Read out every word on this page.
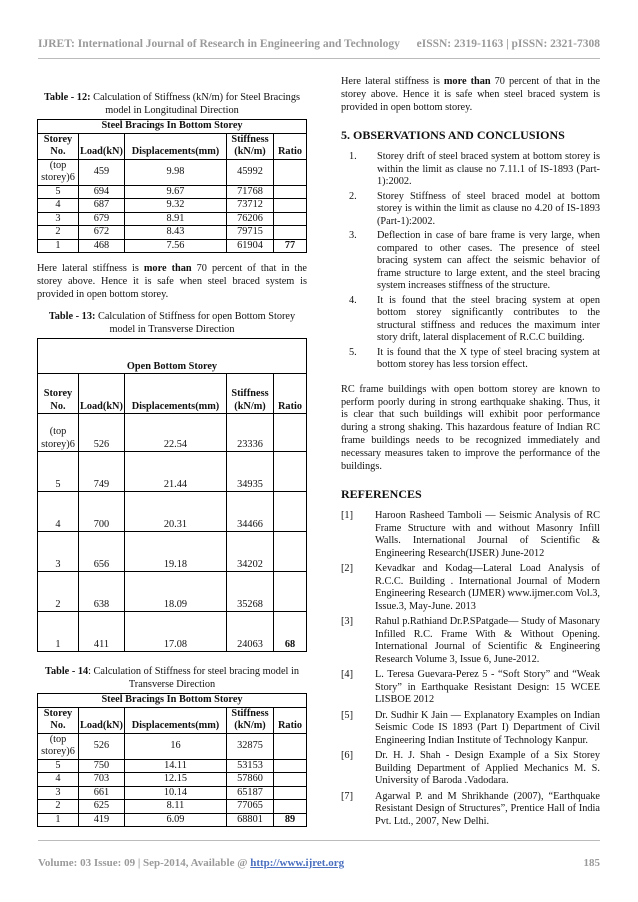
IJRET: International Journal of Research in Engineering and Technology eISSN: 2319-1163 | pISSN: 2321-7308
Table - 12: Calculation of Stiffness (kN/m) for Steel Bracings model in Longitudinal Direction
Steel Bracings In Bottom Storey				
Storey No.	Load(kN)	Displacements(mm)	Stiffness (kN/m)	Ratio
(top storey)6	459	9.98	45992	
5	694	9.67	71768	
4	687	9.32	73712	
3	679	8.91	76206	
2	672	8.43	79715	
1	468	7.56	61904	77

Here lateral stiffness is more than 70 percent of that in the storey above. Hence it is safe when steel braced system is provided in open bottom storey.

Table - 13: Calculation of Stiffness for open Bottom Storey model in Transverse Direction
Open Bottom Storey				
Storey No.	Load(kN)	Displacements(mm)	Stiffness (kN/m)	Ratio
(top storey)6	526	22.54	23336	
5	749	21.44	34935	
4	700	20.31	34466	
3	656	19.18	34202	
2	638	18.09	35268	
1	411	17.08	24063	68
Table - 14: Calculation of Stiffness for steel bracing model in Transverse Direction
Steel Bracings In Bottom Storey				
Storey No.	Load(kN)	Displacements(mm)	Stiffness (kN/m)	Ratio
(top storey)6	526	16	32875	
5	750	14.11	53153	
4	703	12.15	57860	
3	661	10.14	65187	
2	625	8.11	77065	
1	419	6.09	68801	89

Here lateral stiffness is more than 70 percent of that in the storey above. Hence it is safe when steel braced system is provided in open bottom storey.

5. OBSERVATIONS AND CONCLUSIONS
1.	Storey drift of steel braced system at bottom storey is within the limit as clause no 7.11.1 of IS-1893 (Part-1):2002.
2.	Storey Stiffness of steel braced model at bottom storey is within the limit as clause no 4.20 of IS-1893 (Part-1):2002.
3.	Deflection in case of bare frame is very large, when compared to other cases. The presence of steel bracing system can affect the seismic behavior of frame structure to large extent, and the steel bracing system increases stiffness of the structure.
4.	It is found that the steel bracing system at open bottom storey significantly contributes to the structural stiffness and reduces the maximum inter story drift, lateral displacement of R.C.C building.
5.	It is found that the X type of steel bracing system at bottom storey has less torsion effect.

RC frame buildings with open bottom storey are known to perform poorly during in strong earthquake shaking. Thus, it is clear that such buildings will exhibit poor performance during a strong shaking. This hazardous feature of Indian RC frame buildings needs to be recognized immediately and necessary measures taken to improve the performance of the buildings.

REFERENCES
[1]	Haroon Rasheed Tamboli ― Seismic Analysis of RC Frame Structure with and without Masonry Infill Walls. International Journal of Scientific & Engineering Research(IJSER) June-2012
[2]	Kevadkar and Kodag―Lateral Load Analysis of R.C.C. Building . International Journal of Modern Engineering Research (IJMER) www.ijmer.com Vol.3, Issue.3, May-June. 2013
[3]	Rahul p.Rathiand Dr.P.SPatgade― Study of Masonary Infilled R.C. Frame With & Without Opening. International Journal of Scientific & Engineering Research Volume 3, Issue 6, June-2012.
[4]	L. Teresa Guevara-Perez 5 - “Soft Story” and “Weak Story” in Earthquake Resistant Design: 15 WCEE LISBOE 2012
[5]	Dr. Sudhir K Jain ― Explanatory Examples on Indian Seismic Code IS 1893 (Part I) Department of Civil Engineering Indian Institute of Technology Kanpur.
[6]	Dr. H. J. Shah - Design Example of a Six Storey Building Department of Applied Mechanics M. S. University of Baroda .Vadodara.
[7]	Agarwal P. and M Shrikhande (2007), “Earthquake Resistant Design of Structures”, Prentice Hall of India Pvt. Ltd., 2007, New Delhi.
Volume: 03 Issue: 09 | Sep-2014, Available @ http://www.ijret.org	185
